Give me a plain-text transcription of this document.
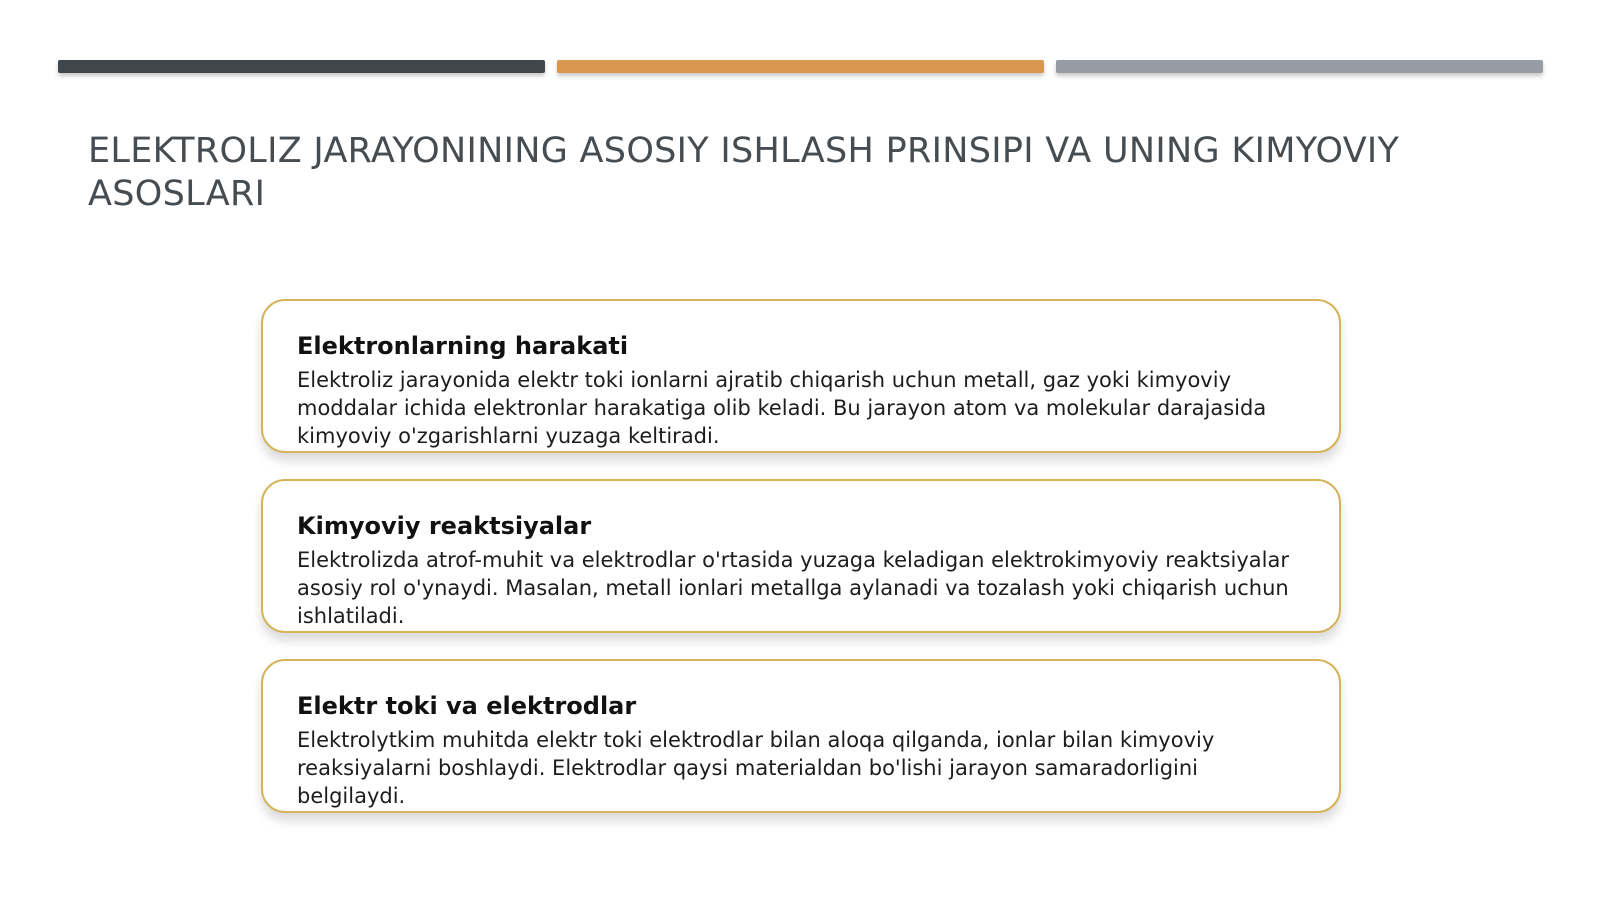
ELEKTROLIZ JARAYONINING ASOSIY ISHLASH PRINSIPI VA UNING KIMYOVIY ASOSLARI
Elektronlarning harakati

Elektroliz jarayonida elektr toki ionlarni ajratib chiqarish uchun metall, gaz yoki kimyoviy moddalar ichida elektronlar harakatiga olib keladi. Bu jarayon atom va molekular darajasida kimyoviy o'zgarishlarni yuzaga keltiradi.

Kimyoviy reaktsiyalar

Elektrolizda atrof-muhit va elektrodlar o'rtasida yuzaga keladigan elektrokimyoviy reaktsiyalar asosiy rol o'ynaydi. Masalan, metall ionlari metallga aylanadi va tozalash yoki chiqarish uchun ishlatiladi.

Elektr toki va elektrodlar

Elektrolytkim muhitda elektr toki elektrodlar bilan aloqa qilganda, ionlar bilan kimyoviy reaksiyalarni boshlaydi. Elektrodlar qaysi materialdan bo'lishi jarayon samaradorligini belgilaydi.
